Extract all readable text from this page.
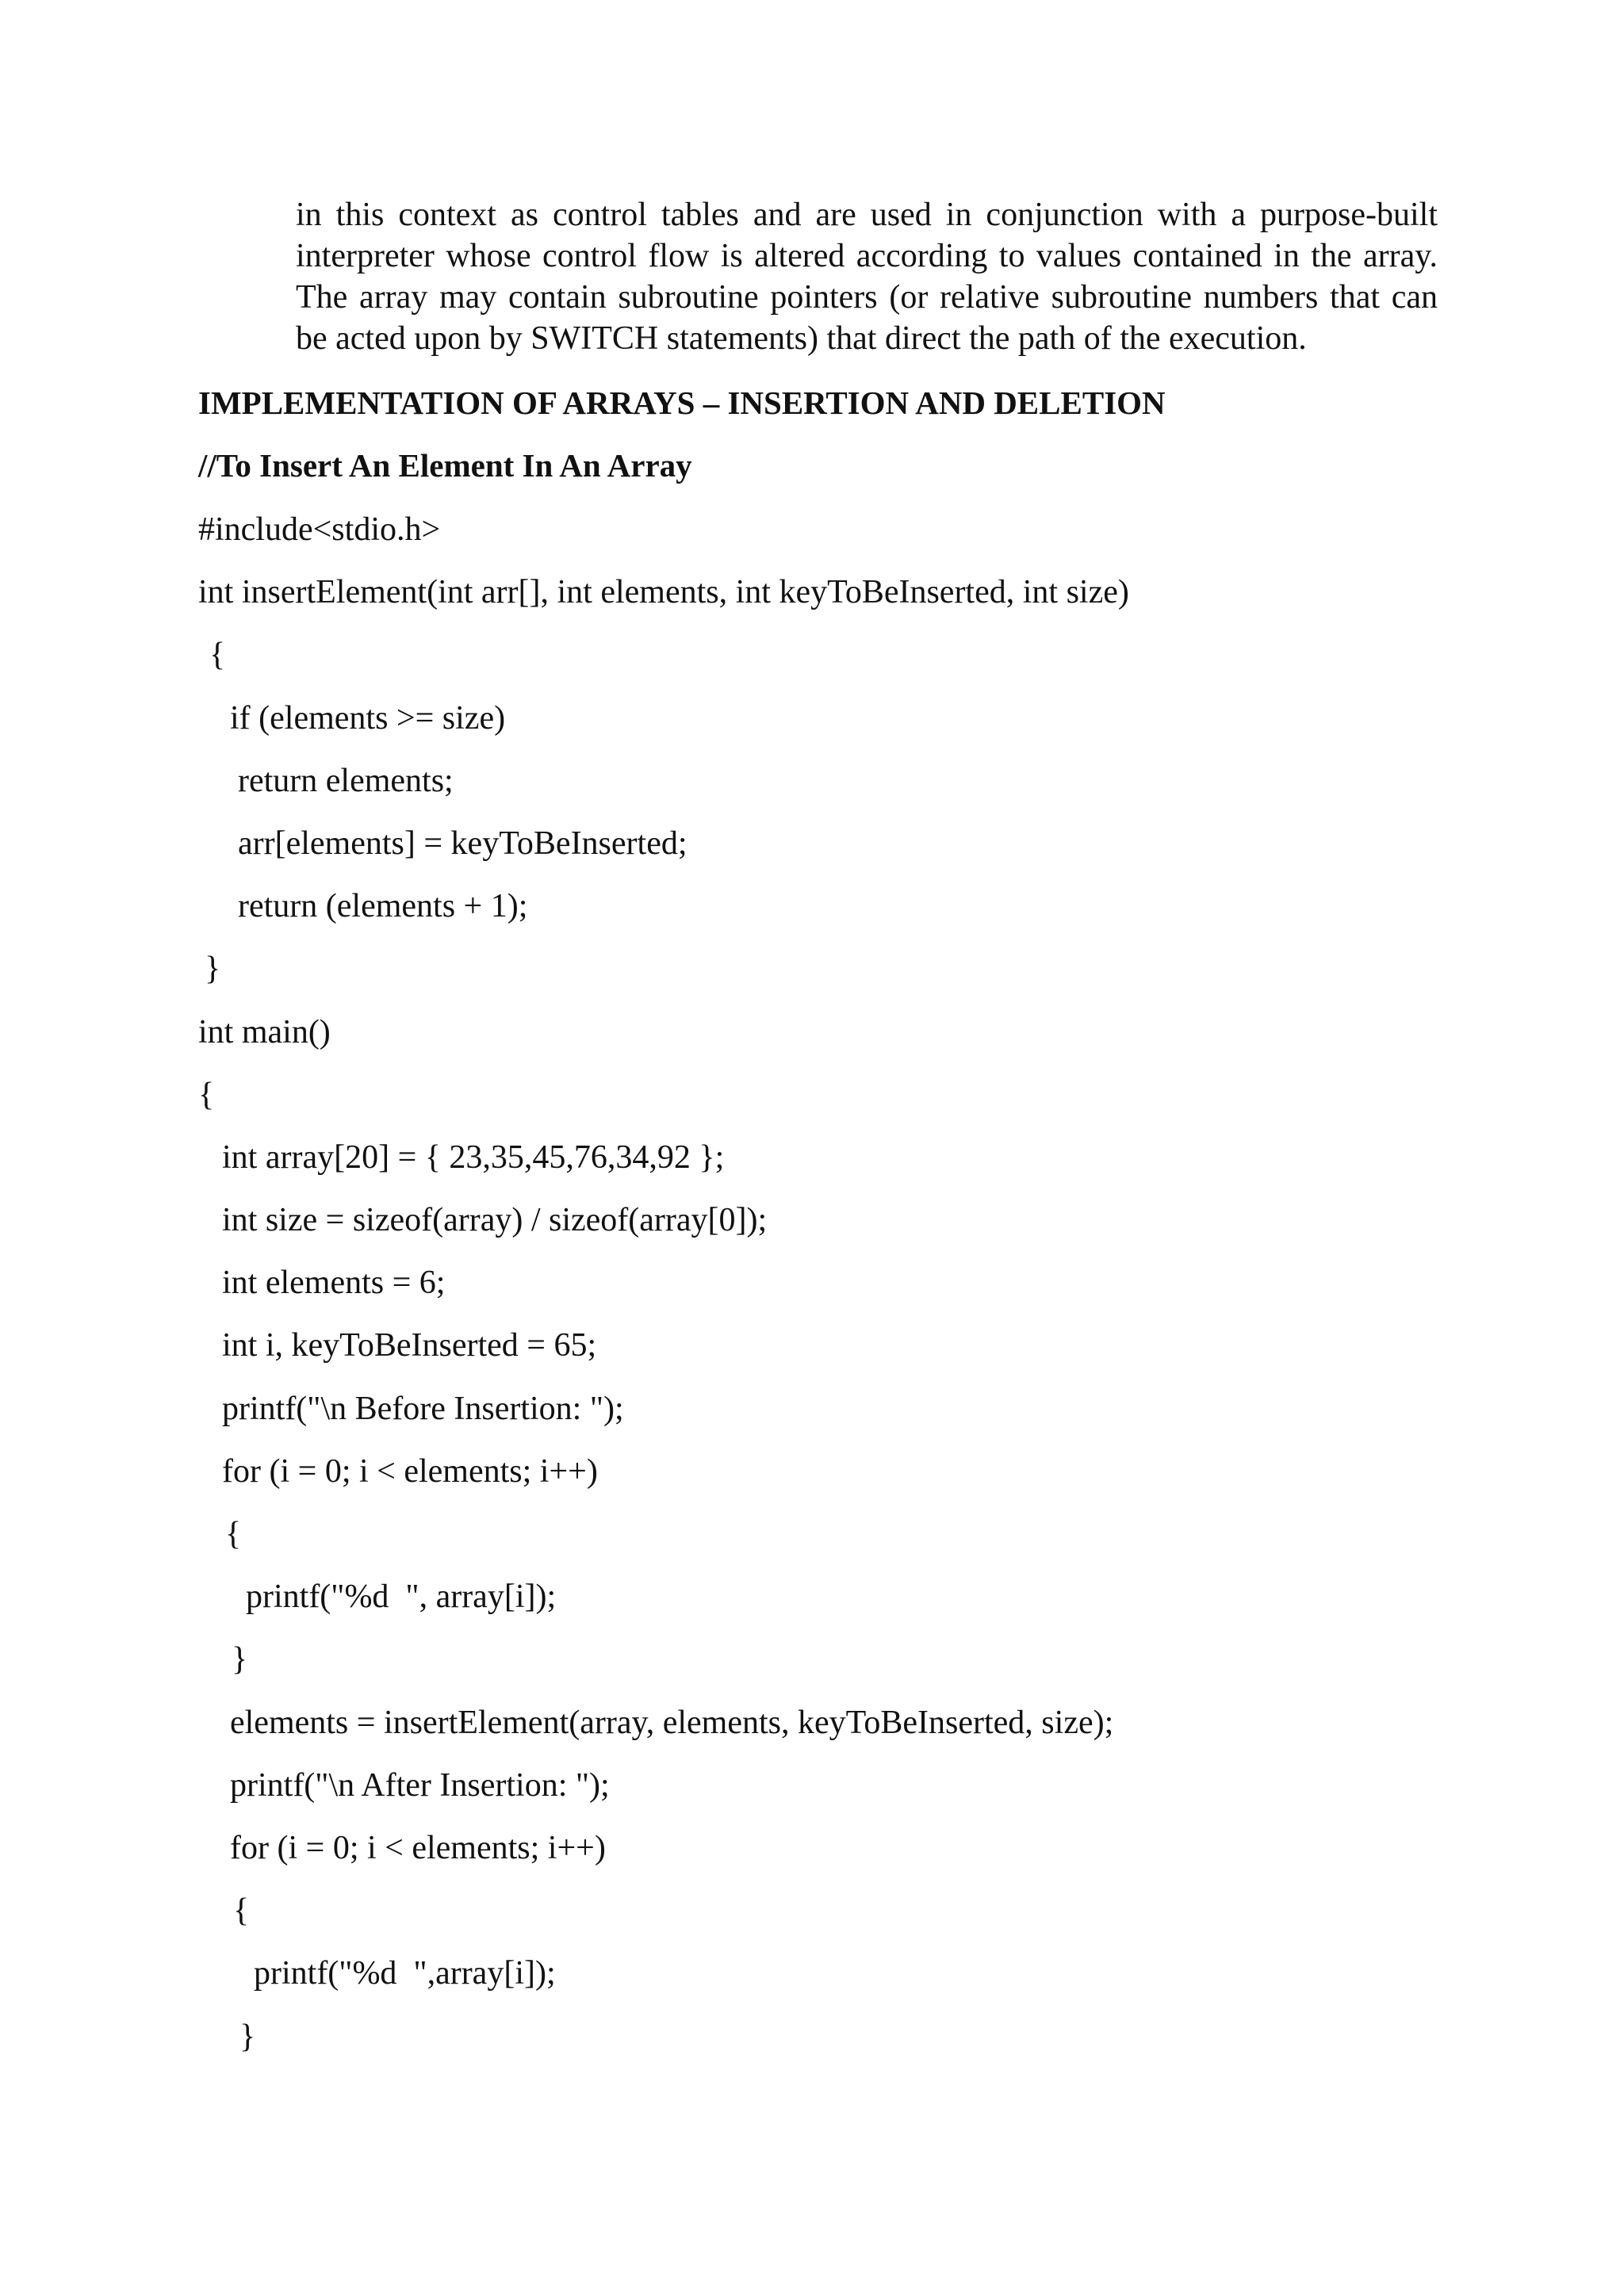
in this context as control tables and are used in conjunction with a purpose-built interpreter whose control flow is altered according to values contained in the array. The array may contain subroutine pointers (or relative subroutine numbers that can be acted upon by SWITCH statements) that direct the path of the execution.

IMPLEMENTATION OF ARRAYS – INSERTION AND DELETION
//To Insert An Element In An Array
#include<stdio.h>
int insertElement(int arr[], int elements, int keyToBeInserted, int size)
{
if (elements >= size)
return elements;
arr[elements] = keyToBeInserted;
return (elements + 1);
}
int main()
{
int array[20] = { 23,35,45,76,34,92 };
int size = sizeof(array) / sizeof(array[0]);
int elements = 6;
int i, keyToBeInserted = 65;
printf("\n Before Insertion: ");
for (i = 0; i < elements; i++)
{
printf("%d  ", array[i]);
}
elements = insertElement(array, elements, keyToBeInserted, size);
printf("\n After Insertion: ");
for (i = 0; i < elements; i++)
{
printf("%d  ",array[i]);
}
